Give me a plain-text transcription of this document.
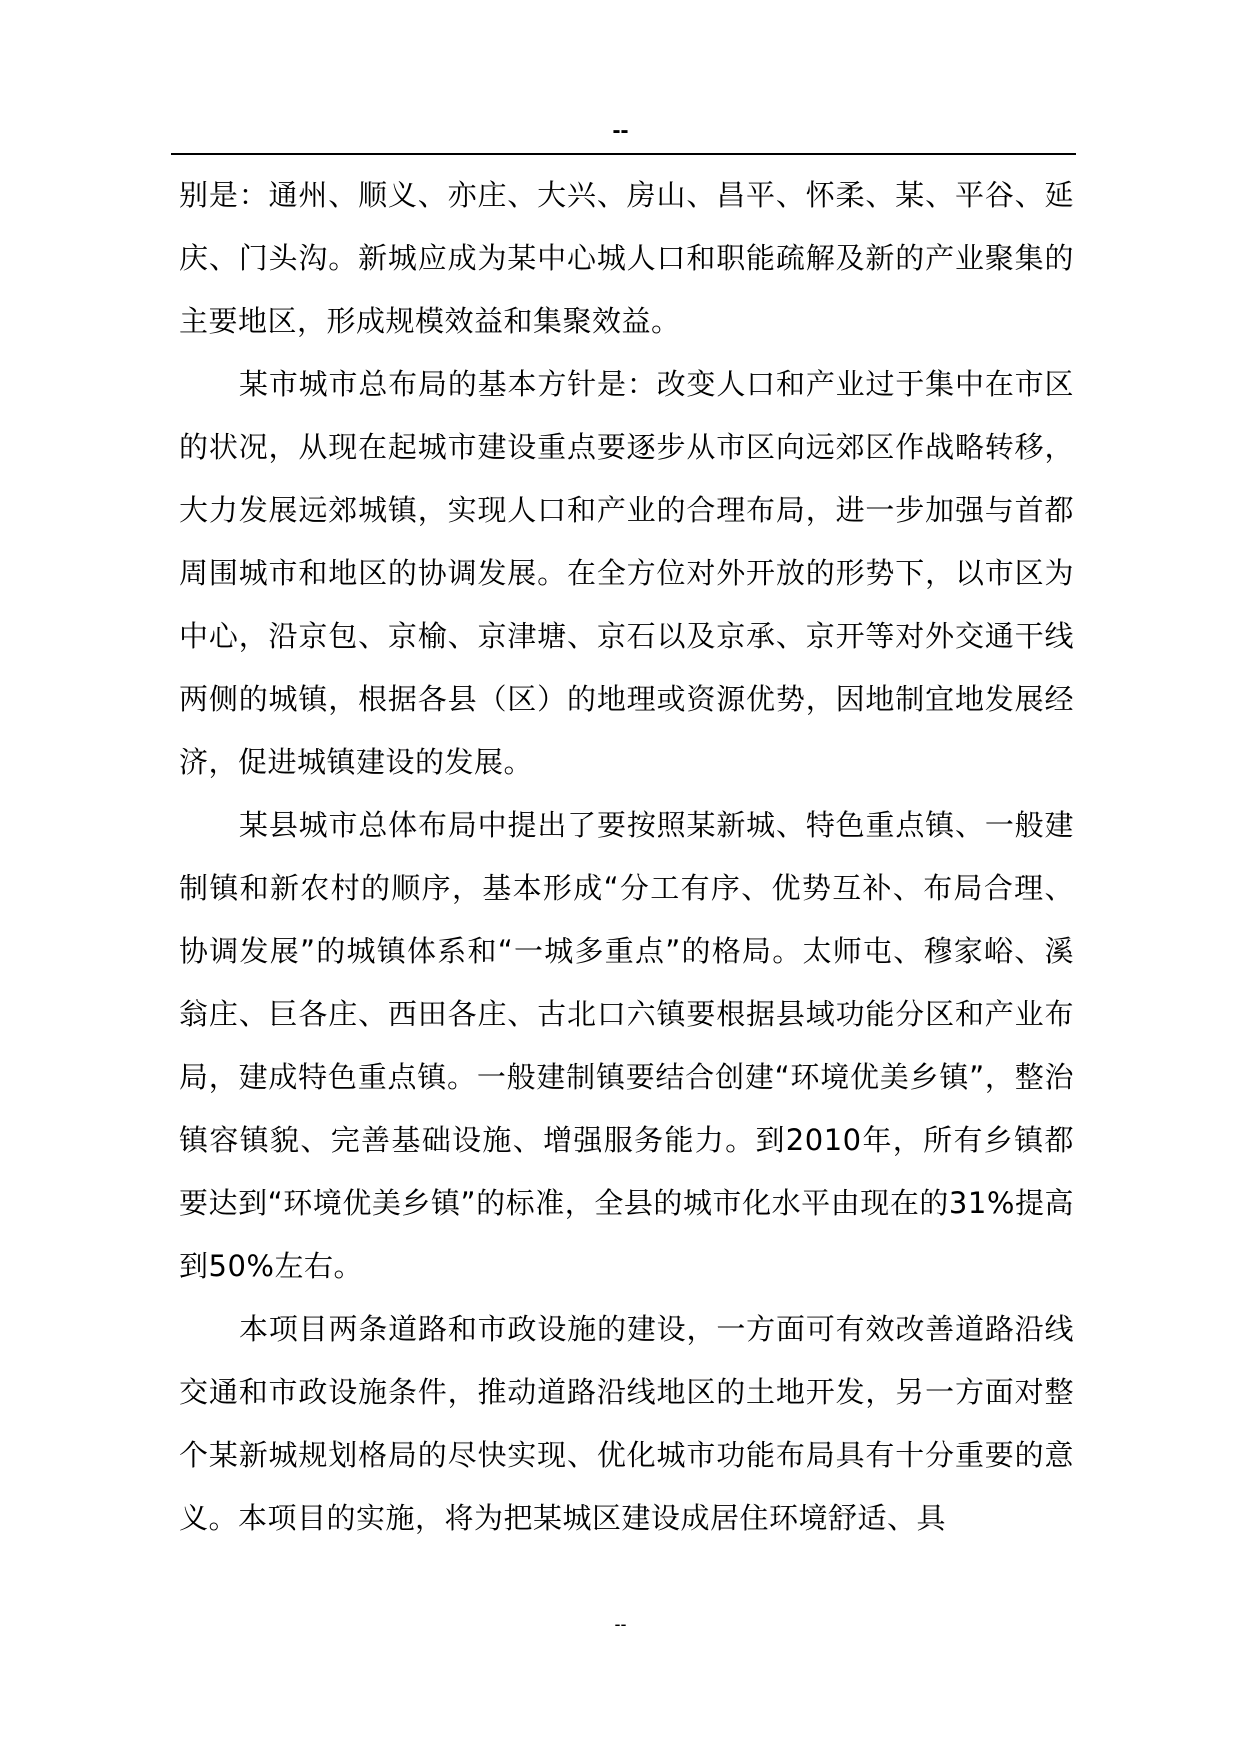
--

别是：通州、顺义、亦庄、大兴、房山、昌平、怀柔、某、平谷、延庆、门头沟。新城应成为某中心城人口和职能疏解及新的产业聚集的主要地区，形成规模效益和集聚效益。

某市城市总布局的基本方针是：改变人口和产业过于集中在市区的状况，从现在起城市建设重点要逐步从市区向远郊区作战略转移，大力发展远郊城镇，实现人口和产业的合理布局，进一步加强与首都周围城市和地区的协调发展。在全方位对外开放的形势下，以市区为中心，沿京包、京榆、京津塘、京石以及京承、京开等对外交通干线两侧的城镇，根据各县（区）的地理或资源优势，因地制宜地发展经济，促进城镇建设的发展。

某县城市总体布局中提出了要按照某新城、特色重点镇、一般建制镇和新农村的顺序，基本形成“分工有序、优势互补、布局合理、协调发展”的城镇体系和“一城多重点”的格局。太师屯、穆家峪、溪翁庄、巨各庄、西田各庄、古北口六镇要根据县域功能分区和产业布局，建成特色重点镇。一般建制镇要结合创建“环境优美乡镇”，整治镇容镇貌、完善基础设施、增强服务能力。到2010年，所有乡镇都要达到“环境优美乡镇”的标准，全县的城市化水平由现在的31%提高到50%左右。

本项目两条道路和市政设施的建设，一方面可有效改善道路沿线交通和市政设施条件，推动道路沿线地区的土地开发，另一方面对整个某新城规划格局的尽快实现、优化城市功能布局具有十分重要的意义。本项目的实施，将为把某城区建设成居住环境舒适、具

--
